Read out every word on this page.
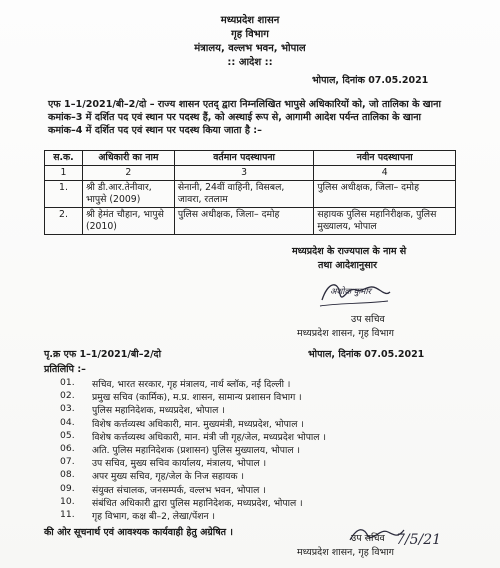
मध्यप्रदेश शासन
गृह विभाग
मंत्रालय, वल्लभ भवन, भोपाल
:: आदेश ::
भोपाल, दिनांक 07.05.2021
एफ 1–1/2021/बी–2/दो – राज्य शासन एतद् द्वारा निम्नलिखित भापुसे अधिकारियों को, जो तालिका के खाना कमांक–3 में दर्शित पद एवं स्थान पर पदस्थ हैं, को अस्थाई रूप से, आगामी आदेश पर्यन्त तालिका के खाना कमांक–4 में दर्शित पद एवं स्थान पर पदस्थ किया जाता है :–
स.क.	अधिकारी का नाम	वर्तमान पदस्थापना	नवीन पदस्थापना
1	2	3	4
1.	श्री डी.आर.तेनीवार, भापुसे (2009)	सेनानी, 24वीं वाहिनी, विसबल, जावरा, रतलाम	पुलिस अधीक्षक, जिला– दमोह
2.	श्री हेमंत चौहान, भापुसे (2010)	पुलिस अधीक्षक, जिला– दमोह	सहायक पुलिस महानिरीक्षक, पुलिस मुख्यालय, भोपाल
मध्यप्रदेश के राज्यपाल के नाम से
तथा आदेशानुसार
अशोक कुमार
उप सचिव
मध्यप्रदेश शासन, गृह विभाग
पृ.क्र एफ 1–1/2021/बी–2/दो	भोपाल, दिनांक 07.05.2021
प्रतिलिपि :–
01. सचिव, भारत सरकार, गृह मंत्रालय, नार्थ ब्लॉक, नई दिल्ली ।
02. प्रमुख सचिव (कार्मिक), म.प्र. शासन, सामान्य प्रशासन विभाग ।
03. पुलिस महानिदेशक, मध्यप्रदेश, भोपाल ।
04. विशेष कर्त्तव्यस्थ अधिकारी, मान. मुख्यमंत्री, मध्यप्रदेश, भोपाल ।
05. विशेष कर्त्तव्यस्थ अधिकारी, मान. मंत्री जी गृह/जेल, मध्यप्रदेश भोपाल ।
06. अति. पुलिस महानिदेशक (प्रशासन) पुलिस मुख्यालय, भोपाल ।
07. उप सचिव, मुख्य सचिव कार्यालय, मंत्रालय, भोपाल ।
08. अपर मुख्य सचिव, गृह/जेल के निज सहायक ।
09. संयुक्त संचालक, जनसम्पर्क, वल्लभ भवन, भोपाल ।
10. संबंधित अधिकारी द्वारा पुलिस महानिदेशक, मध्यप्रदेश, भोपाल ।
11. गृह विभाग, कक्ष बी–2, लेखा/पेंशन ।
की ओर सूचनार्थ एवं आवश्यक कार्यवाही हेतु अग्रेषित ।
उप सचिव
मध्यप्रदेश शासन, गृह विभाग
7/5/21
